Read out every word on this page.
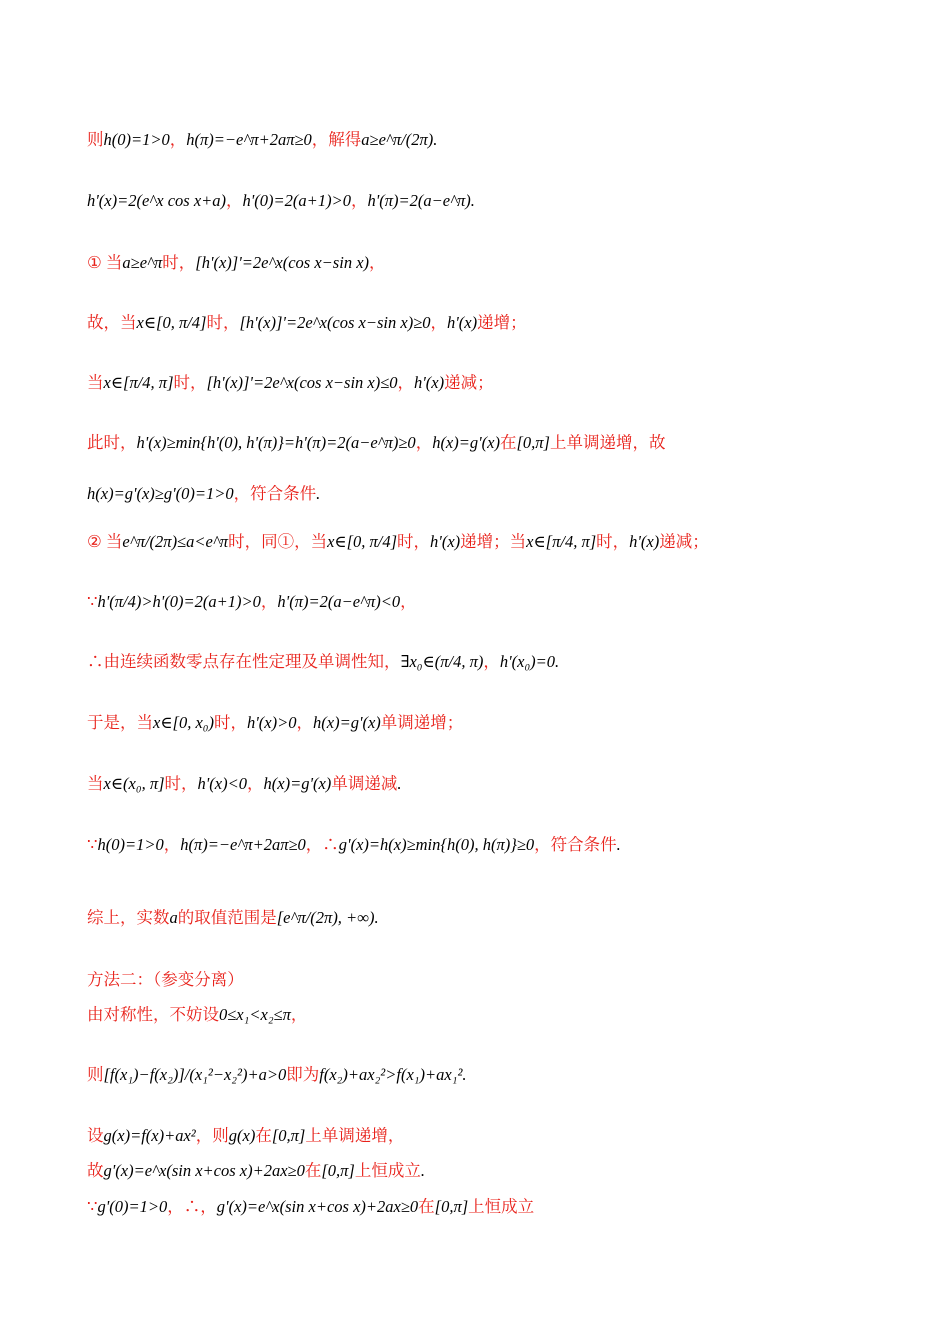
则h(0)=1>0，h(π)=−e^π+2aπ≥0，解得a≥e^π/(2π).
h'(x)=2(e^x cos x+a)，h'(0)=2(a+1)>0，h'(π)=2(a−e^π).
① 当a≥e^π时，[h'(x)]'=2e^x(cos x−sin x)，
故，当x∈[0, π/4]时，[h'(x)]'=2e^x(cos x−sin x)≥0，h'(x)递增；
当x∈[π/4, π]时，[h'(x)]'=2e^x(cos x−sin x)≤0，h'(x)递减；
此时，h'(x)≥min{h'(0), h'(π)}=h'(π)=2(a−e^π)≥0，h(x)=g'(x)在[0,π]上单调递增，故
h(x)=g'(x)≥g'(0)=1>0，符合条件.
② 当e^π/(2π)≤a<e^π时，同①，当x∈[0, π/4]时，h'(x)递增；当x∈[π/4, π]时，h'(x)递减；
∵h'(π/4)>h'(0)=2(a+1)>0，h'(π)=2(a−e^π)<0，
∴由连续函数零点存在性定理及单调性知，∃x₀∈(π/4, π)，h'(x₀)=0.
于是，当x∈[0, x₀)时，h'(x)>0，h(x)=g'(x)单调递增；
当x∈(x₀, π]时，h'(x)<0，h(x)=g'(x)单调递减.
∵h(0)=1>0，h(π)=−e^π+2aπ≥0，∴g'(x)=h(x)≥min{h(0), h(π)}≥0，符合条件.
综上，实数a的取值范围是[e^π/(2π), +∞).
方法二：（参变分离）
由对称性，不妨设0≤x₁<x₂≤π，
则[f(x₁)−f(x₂)]/(x₁²−x₂²)+a>0即为f(x₂)+ax₂²>f(x₁)+ax₁².
设g(x)=f(x)+ax²，则g(x)在[0,π]上单调递增，
故g'(x)=e^x(sin x+cos x)+2ax≥0在[0,π]上恒成立.
∵g'(0)=1>0，∴，g'(x)=e^x(sin x+cos x)+2ax≥0在[0,π]上恒成立
